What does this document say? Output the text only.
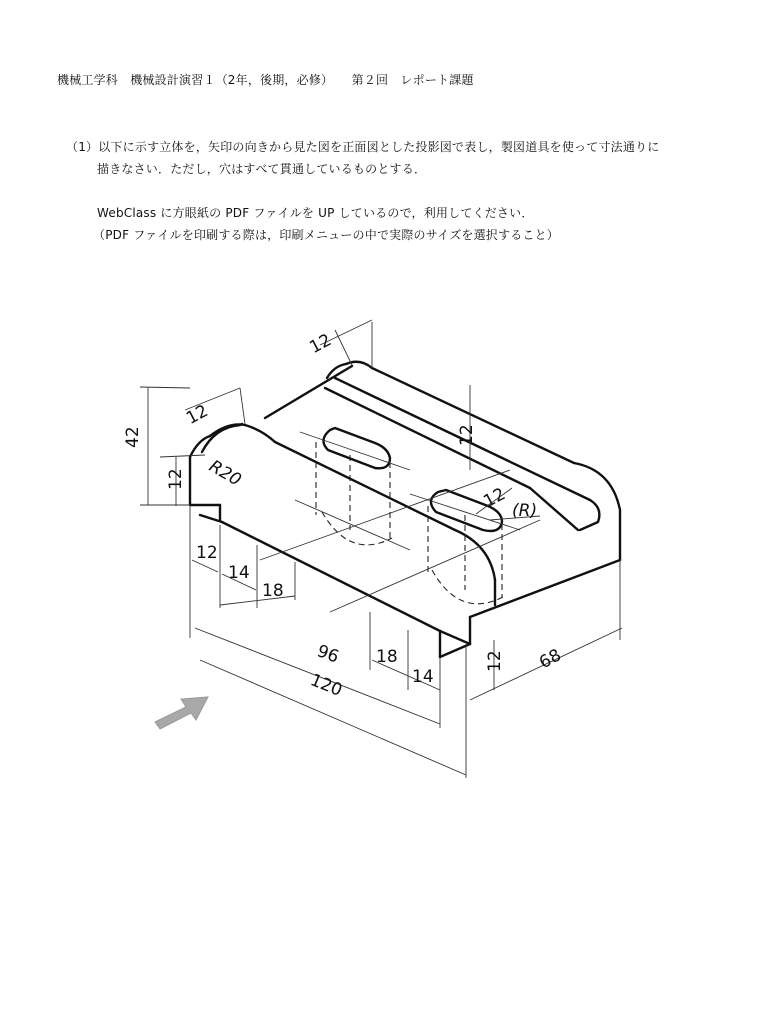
機械工学科　機械設計演習１（2年，後期，必修）　　第２回　レポート課題
（1）以下に示す立体を，矢印の向きから見た図を正面図とした投影図で表し，製図道具を使って寸法通りに
描きなさい．ただし，穴はすべて貫通しているものとする．
WebClass に方眼紙の PDF ファイルを UP しているので，利用してください．
（PDF ファイルを印刷する際は，印刷メニューの中で実際のサイズを選択すること）
12
12
42
R20
12
12
12 (R)
12
14
18
96
120
18
14
12 68
